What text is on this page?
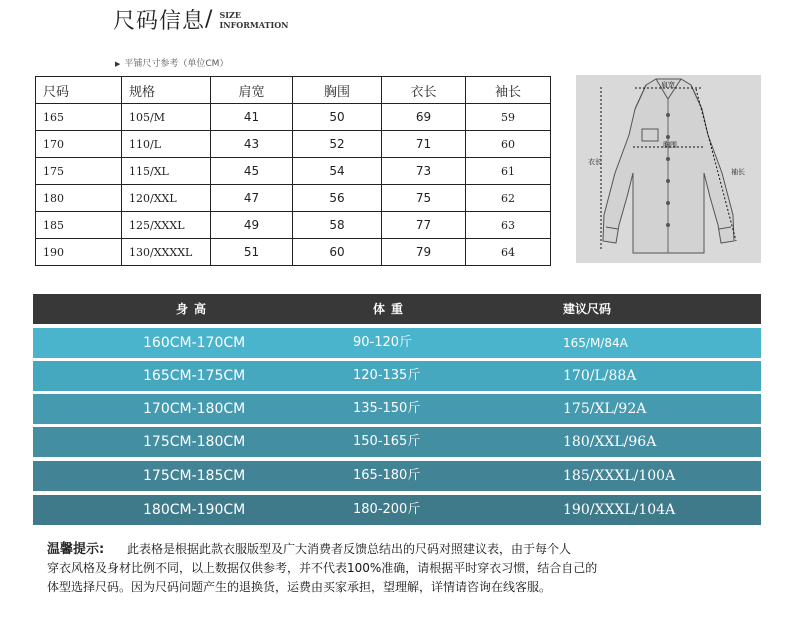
尺码信息/ SIZE
INFORMATION
▶ 平铺尺寸参考（单位CM）
尺码	规格	肩宽	胸围	衣长	袖长
165	105/M	41	50	69	59
170	110/L	43	52	71	60
175	115/XL	45	54	73	61
180	120/XXL	47	56	75	62
185	125/XXXL	49	58	77	63
190	130/XXXXL	51	60	79	64
肩宽
胸围
衣长
袖长
身高	体重	建议尺码
160CM-170CM	90-120斤	165/M/84A
165CM-175CM	120-135斤	170/L/88A
170CM-180CM	135-150斤	175/XL/92A
175CM-180CM	150-165斤	180/XXL/96A
175CM-185CM	165-180斤	185/XXXL/100A
180CM-190CM	180-200斤	190/XXXL/104A
温馨提示: 此表格是根据此款衣服版型及广大消费者反馈总结出的尺码对照建议表，由于每个人
穿衣风格及身材比例不同，以上数据仅供参考，并不代表100%准确，请根据平时穿衣习惯，结合自己的
体型选择尺码。因为尺码问题产生的退换货，运费由买家承担，望理解，详情请咨询在线客服。
